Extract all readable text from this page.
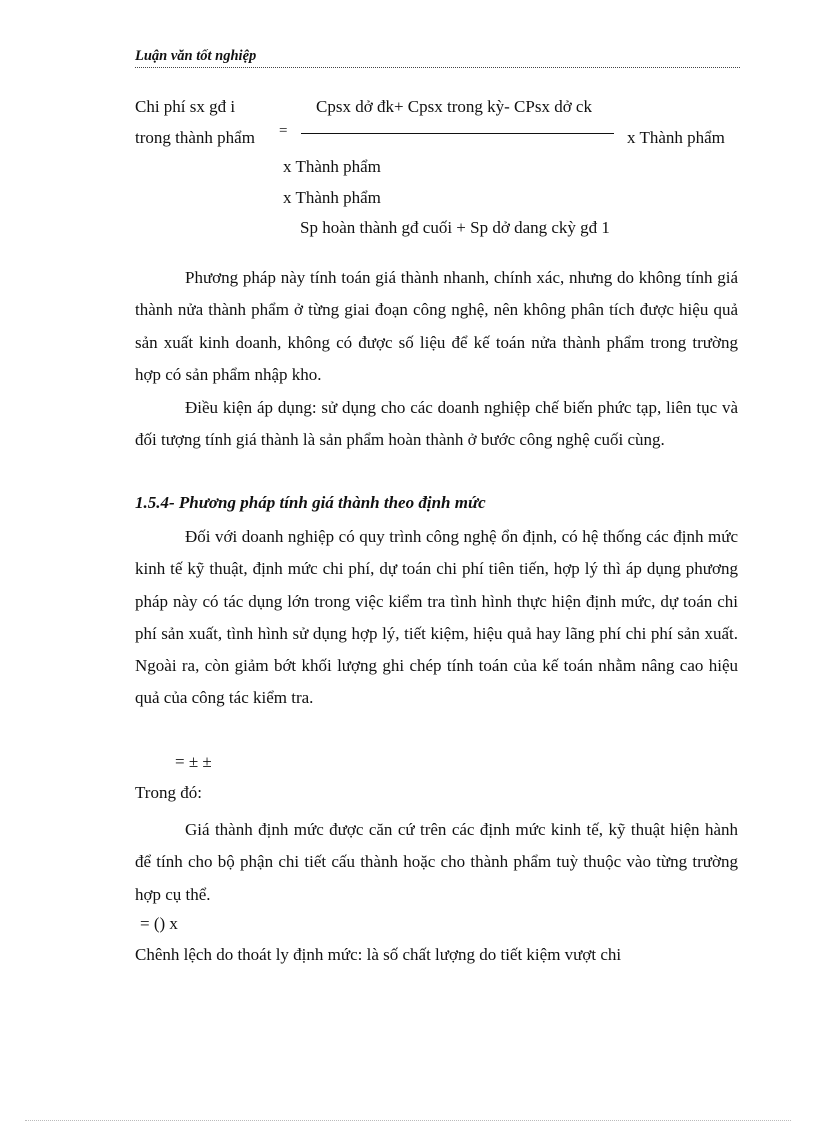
Luận văn tốt nghiệp
Chi phí sx gđ i
trong thành phẩm =
Cpsx dở đk+ Cpsx trong kỳ- CPsx dở ck
x Thành phẩm
x Thành phẩm
x Thành phẩm
Sp hoàn thành gđ cuối + Sp dở dang ckỳ gđ 1

Phương pháp này tính toán giá thành nhanh, chính xác, nhưng do không tính giá thành nửa thành phẩm ở từng giai đoạn công nghệ, nên không phân tích được hiệu quả sản xuất kinh doanh, không có được số liệu để kế toán nửa thành phẩm trong trường hợp có sản phẩm nhập kho.

Điều kiện áp dụng: sử dụng cho các doanh nghiệp chế biến phức tạp, liên tục và đối tượng tính giá thành là sản phẩm hoàn thành ở bước công nghệ cuối cùng.

1.5.4- Phương pháp tính giá thành theo định mức

Đối với doanh nghiệp có quy trình công nghệ ổn định, có hệ thống các định mức kinh tế kỹ thuật, định mức chi phí, dự toán chi phí tiên tiến, hợp lý thì áp dụng phương pháp này có tác dụng lớn trong việc kiểm tra tình hình thực hiện định mức, dự toán chi phí sản xuất, tình hình sử dụng hợp lý, tiết kiệm, hiệu quả hay lãng phí chi phí sản xuất. Ngoài ra, còn giảm bớt khối lượng ghi chép tính toán của kế toán nhằm nâng cao hiệu quả của công tác kiểm tra.

= ± ±
Trong đó:

Giá thành định mức được căn cứ trên các định mức kinh tế, kỹ thuật hiện hành để tính cho bộ phận chi tiết cấu thành hoặc cho thành phẩm tuỳ thuộc vào từng trường hợp cụ thể.

= () x
Chênh lệch do thoát ly định mức: là số chất lượng do tiết kiệm vượt chi
